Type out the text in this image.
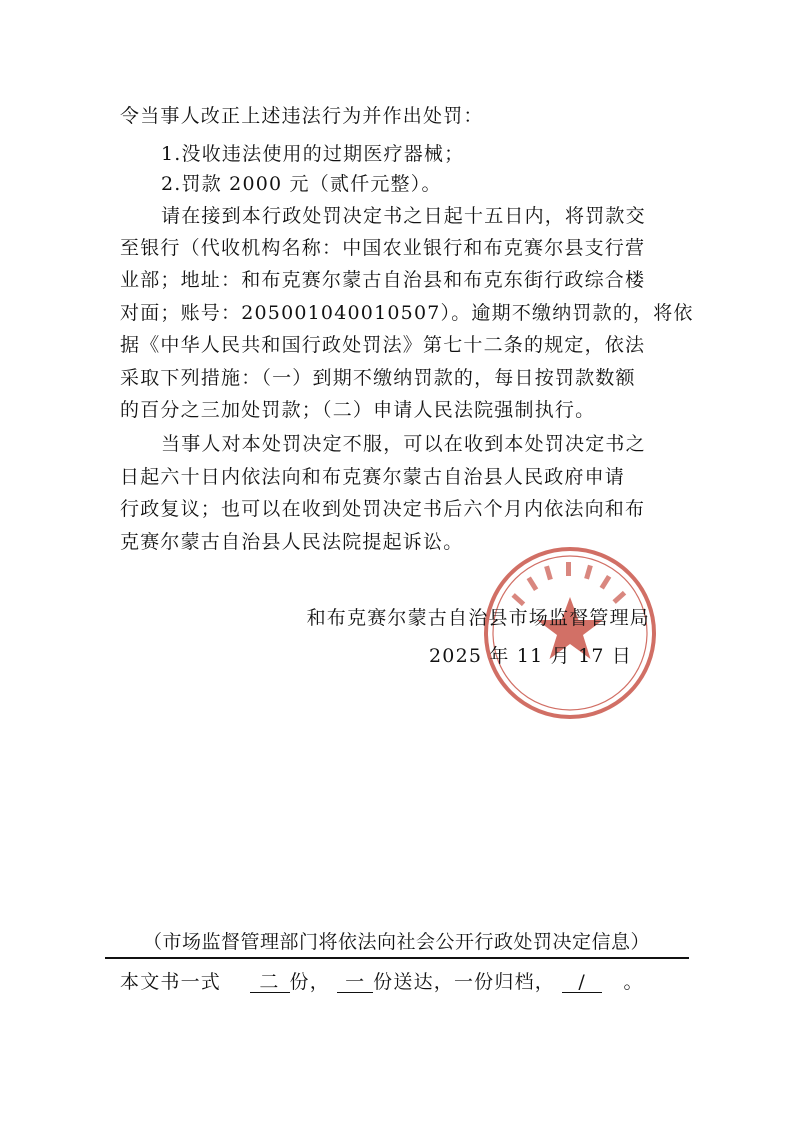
令当事人改正上述违法行为并作出处罚：
1.没收违法使用的过期医疗器械；
2.罚款 2000 元（贰仟元整）。
请在接到本行政处罚决定书之日起十五日内，将罚款交
至银行（代收机构名称：中国农业银行和布克赛尔县支行营
业部；地址：和布克赛尔蒙古自治县和布克东街行政综合楼
对面；账号：205001040010507）。逾期不缴纳罚款的，将依
据《中华人民共和国行政处罚法》第七十二条的规定，依法
采取下列措施：（一）到期不缴纳罚款的，每日按罚款数额
的百分之三加处罚款；（二）申请人民法院强制执行。
当事人对本处罚决定不服，可以在收到本处罚决定书之
日起六十日内依法向和布克赛尔蒙古自治县人民政府申请
行政复议；也可以在收到处罚决定书后六个月内依法向和布
克赛尔蒙古自治县人民法院提起诉讼。
和布克赛尔蒙古自治县市场监督管理局
2025 年 11 月 17 日
（市场监督管理部门将依法向社会公开行政处罚决定信息）
本文书一式 二 份， 一 份送达，一份归档， / 。
